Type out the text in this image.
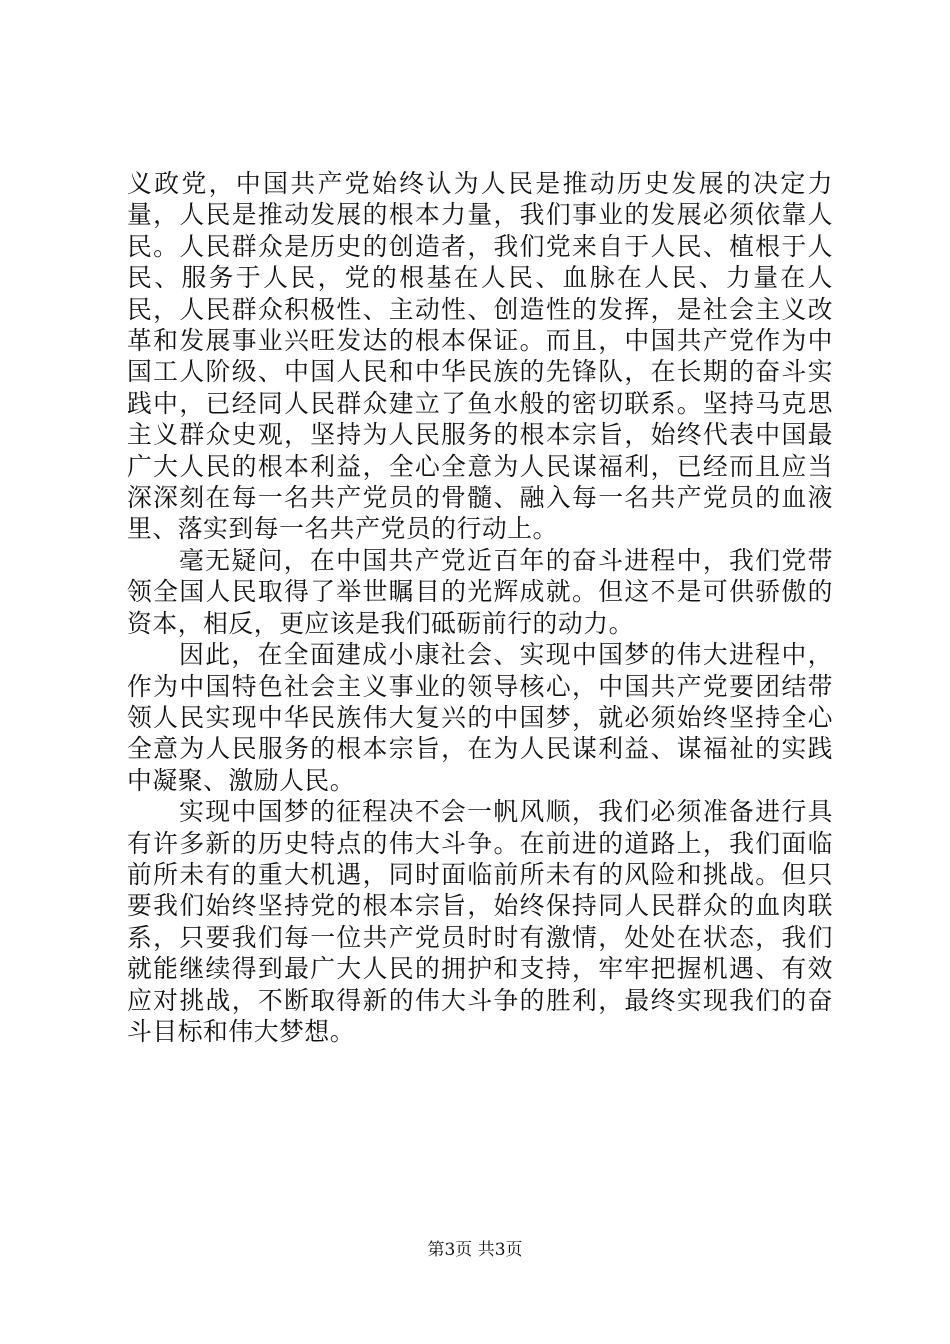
义政党，中国共产党始终认为人民是推动历史发展的决定力量，人民是推动发展的根本力量，我们事业的发展必须依靠人民。人民群众是历史的创造者，我们党来自于人民、植根于人民、服务于人民，党的根基在人民、血脉在人民、力量在人民，人民群众积极性、主动性、创造性的发挥，是社会主义改革和发展事业兴旺发达的根本保证。而且，中国共产党作为中国工人阶级、中国人民和中华民族的先锋队，在长期的奋斗实践中，已经同人民群众建立了鱼水般的密切联系。坚持马克思主义群众史观，坚持为人民服务的根本宗旨，始终代表中国最广大人民的根本利益，全心全意为人民谋福利，已经而且应当深深刻在每一名共产党员的骨髓、融入每一名共产党员的血液里、落实到每一名共产党员的行动上。

毫无疑问，在中国共产党近百年的奋斗进程中，我们党带领全国人民取得了举世瞩目的光辉成就。但这不是可供骄傲的资本，相反，更应该是我们砥砺前行的动力。

因此，在全面建成小康社会、实现中国梦的伟大进程中，作为中国特色社会主义事业的领导核心，中国共产党要团结带领人民实现中华民族伟大复兴的中国梦，就必须始终坚持全心全意为人民服务的根本宗旨，在为人民谋利益、谋福祉的实践中凝聚、激励人民。

实现中国梦的征程决不会一帆风顺，我们必须准备进行具有许多新的历史特点的伟大斗争。在前进的道路上，我们面临前所未有的重大机遇，同时面临前所未有的风险和挑战。但只要我们始终坚持党的根本宗旨，始终保持同人民群众的血肉联系，只要我们每一位共产党员时时有激情，处处在状态，我们就能继续得到最广大人民的拥护和支持，牢牢把握机遇、有效应对挑战，不断取得新的伟大斗争的胜利，最终实现我们的奋斗目标和伟大梦想。

第3页 共3页
